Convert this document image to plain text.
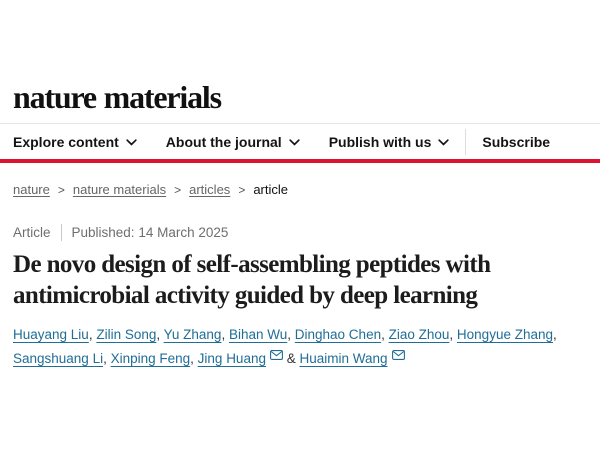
nature materials
Explore content	About the journal	Publish with us	Subscribe
nature > nature materials > articles > article
Article Published: 14 March 2025
De novo design of self-assembling peptides with
antimicrobial activity guided by deep learning

Huayang Liu, Zilin Song, Yu Zhang, Bihan Wu, Dinghao Chen, Ziao Zhou, Hongyue Zhang, Sangshuang Li, Xinping Feng, Jing Huang & Huaimin Wang
